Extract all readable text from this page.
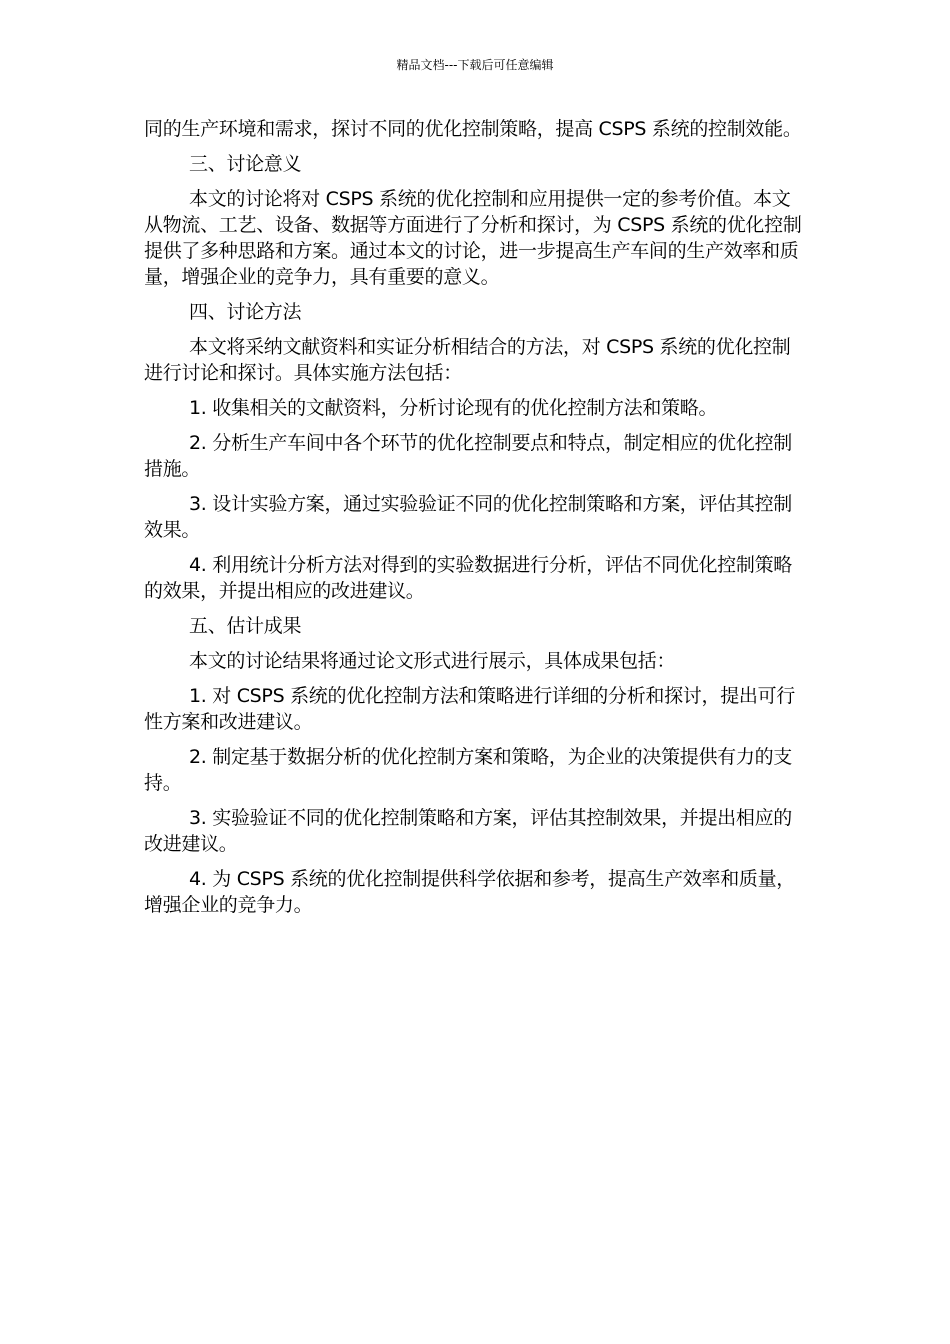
精品文档---下载后可任意编辑

同的生产环境和需求，探讨不同的优化控制策略，提高 CSPS 系统的控制效能。

三、讨论意义

本文的讨论将对 CSPS 系统的优化控制和应用提供一定的参考价值。本文从物流、工艺、设备、数据等方面进行了分析和探讨，为 CSPS 系统的优化控制提供了多种思路和方案。通过本文的讨论，进一步提高生产车间的生产效率和质量，增强企业的竞争力，具有重要的意义。

四、讨论方法

本文将采纳文献资料和实证分析相结合的方法，对 CSPS 系统的优化控制进行讨论和探讨。具体实施方法包括：

1. 收集相关的文献资料，分析讨论现有的优化控制方法和策略。

2. 分析生产车间中各个环节的优化控制要点和特点，制定相应的优化控制措施。

3. 设计实验方案，通过实验验证不同的优化控制策略和方案，评估其控制效果。

4. 利用统计分析方法对得到的实验数据进行分析，评估不同优化控制策略的效果，并提出相应的改进建议。

五、估计成果

本文的讨论结果将通过论文形式进行展示，具体成果包括：

1. 对 CSPS 系统的优化控制方法和策略进行详细的分析和探讨，提出可行性方案和改进建议。

2. 制定基于数据分析的优化控制方案和策略，为企业的决策提供有力的支持。

3. 实验验证不同的优化控制策略和方案，评估其控制效果，并提出相应的改进建议。

4. 为 CSPS 系统的优化控制提供科学依据和参考，提高生产效率和质量，增强企业的竞争力。
